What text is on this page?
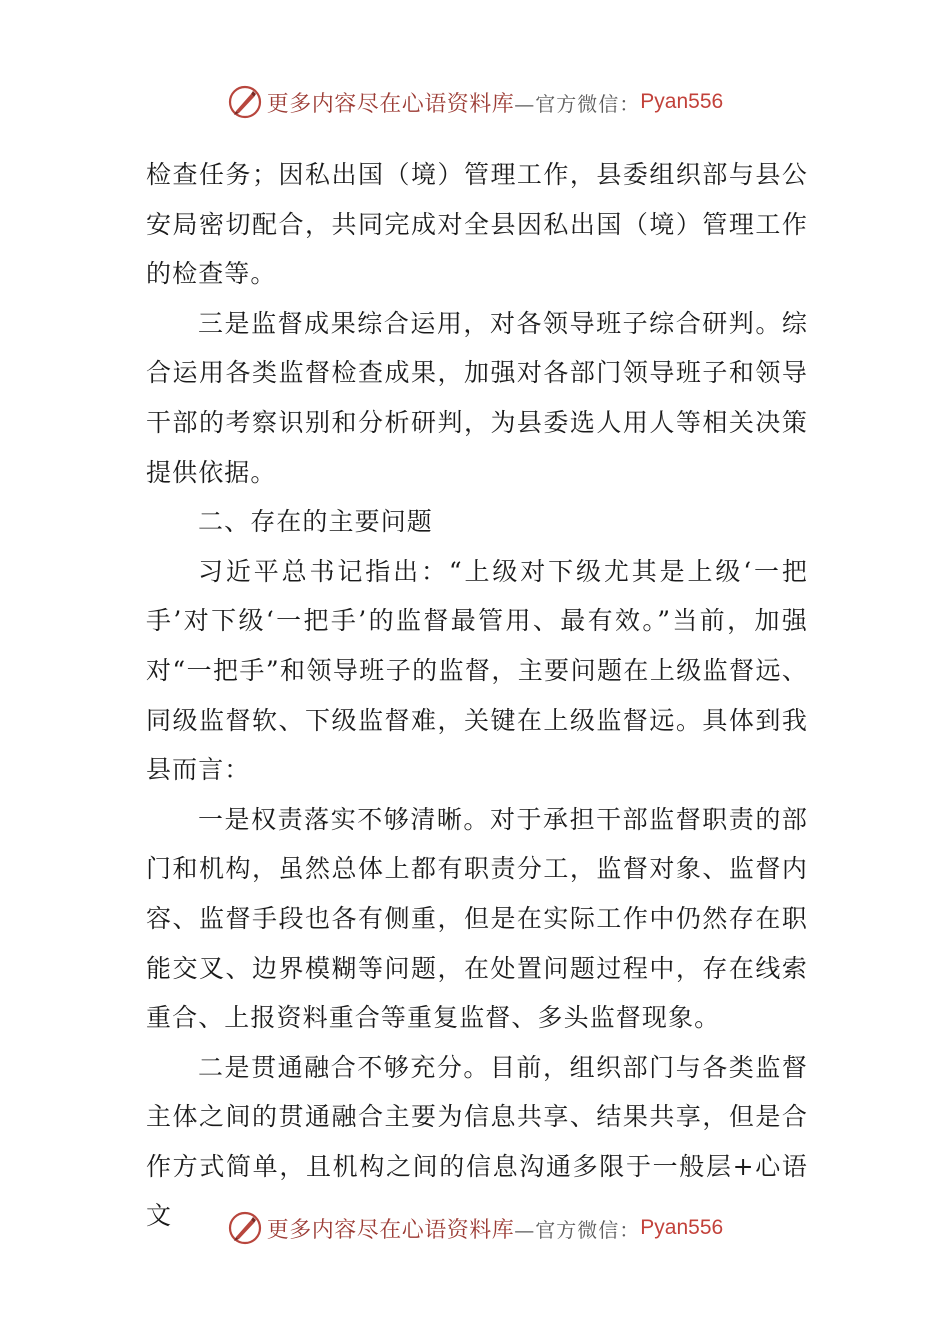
更多内容尽在心语资料库 —官方微信： Pyan556

检查任务；因私出国（境）管理工作，县委组织部与县公安局密切配合，共同完成对全县因私出国（境）管理工作的检查等。

三是监督成果综合运用，对各领导班子综合研判。综合运用各类监督检查成果，加强对各部门领导班子和领导干部的考察识别和分析研判，为县委选人用人等相关决策提供依据。

二、存在的主要问题

习近平总书记指出：“上级对下级尤其是上级‘一把手’对下级‘一把手’的监督最管用、最有效。”当前，加强对“一把手”和领导班子的监督，主要问题在上级监督远、同级监督软、下级监督难，关键在上级监督远。具体到我县而言：

一是权责落实不够清晰。对于承担干部监督职责的部门和机构，虽然总体上都有职责分工，监督对象、监督内容、监督手段也各有侧重，但是在实际工作中仍然存在职能交叉、边界模糊等问题，在处置问题过程中，存在线索重合、上报资料重合等重复监督、多头监督现象。

二是贯通融合不够充分。目前，组织部门与各类监督主体之间的贯通融合主要为信息共享、结果共享，但是合作方式简单，且机构之间的信息沟通多限于一般层+心语文	更多内容尽在心语资料库 —官方微信： Pyan556
